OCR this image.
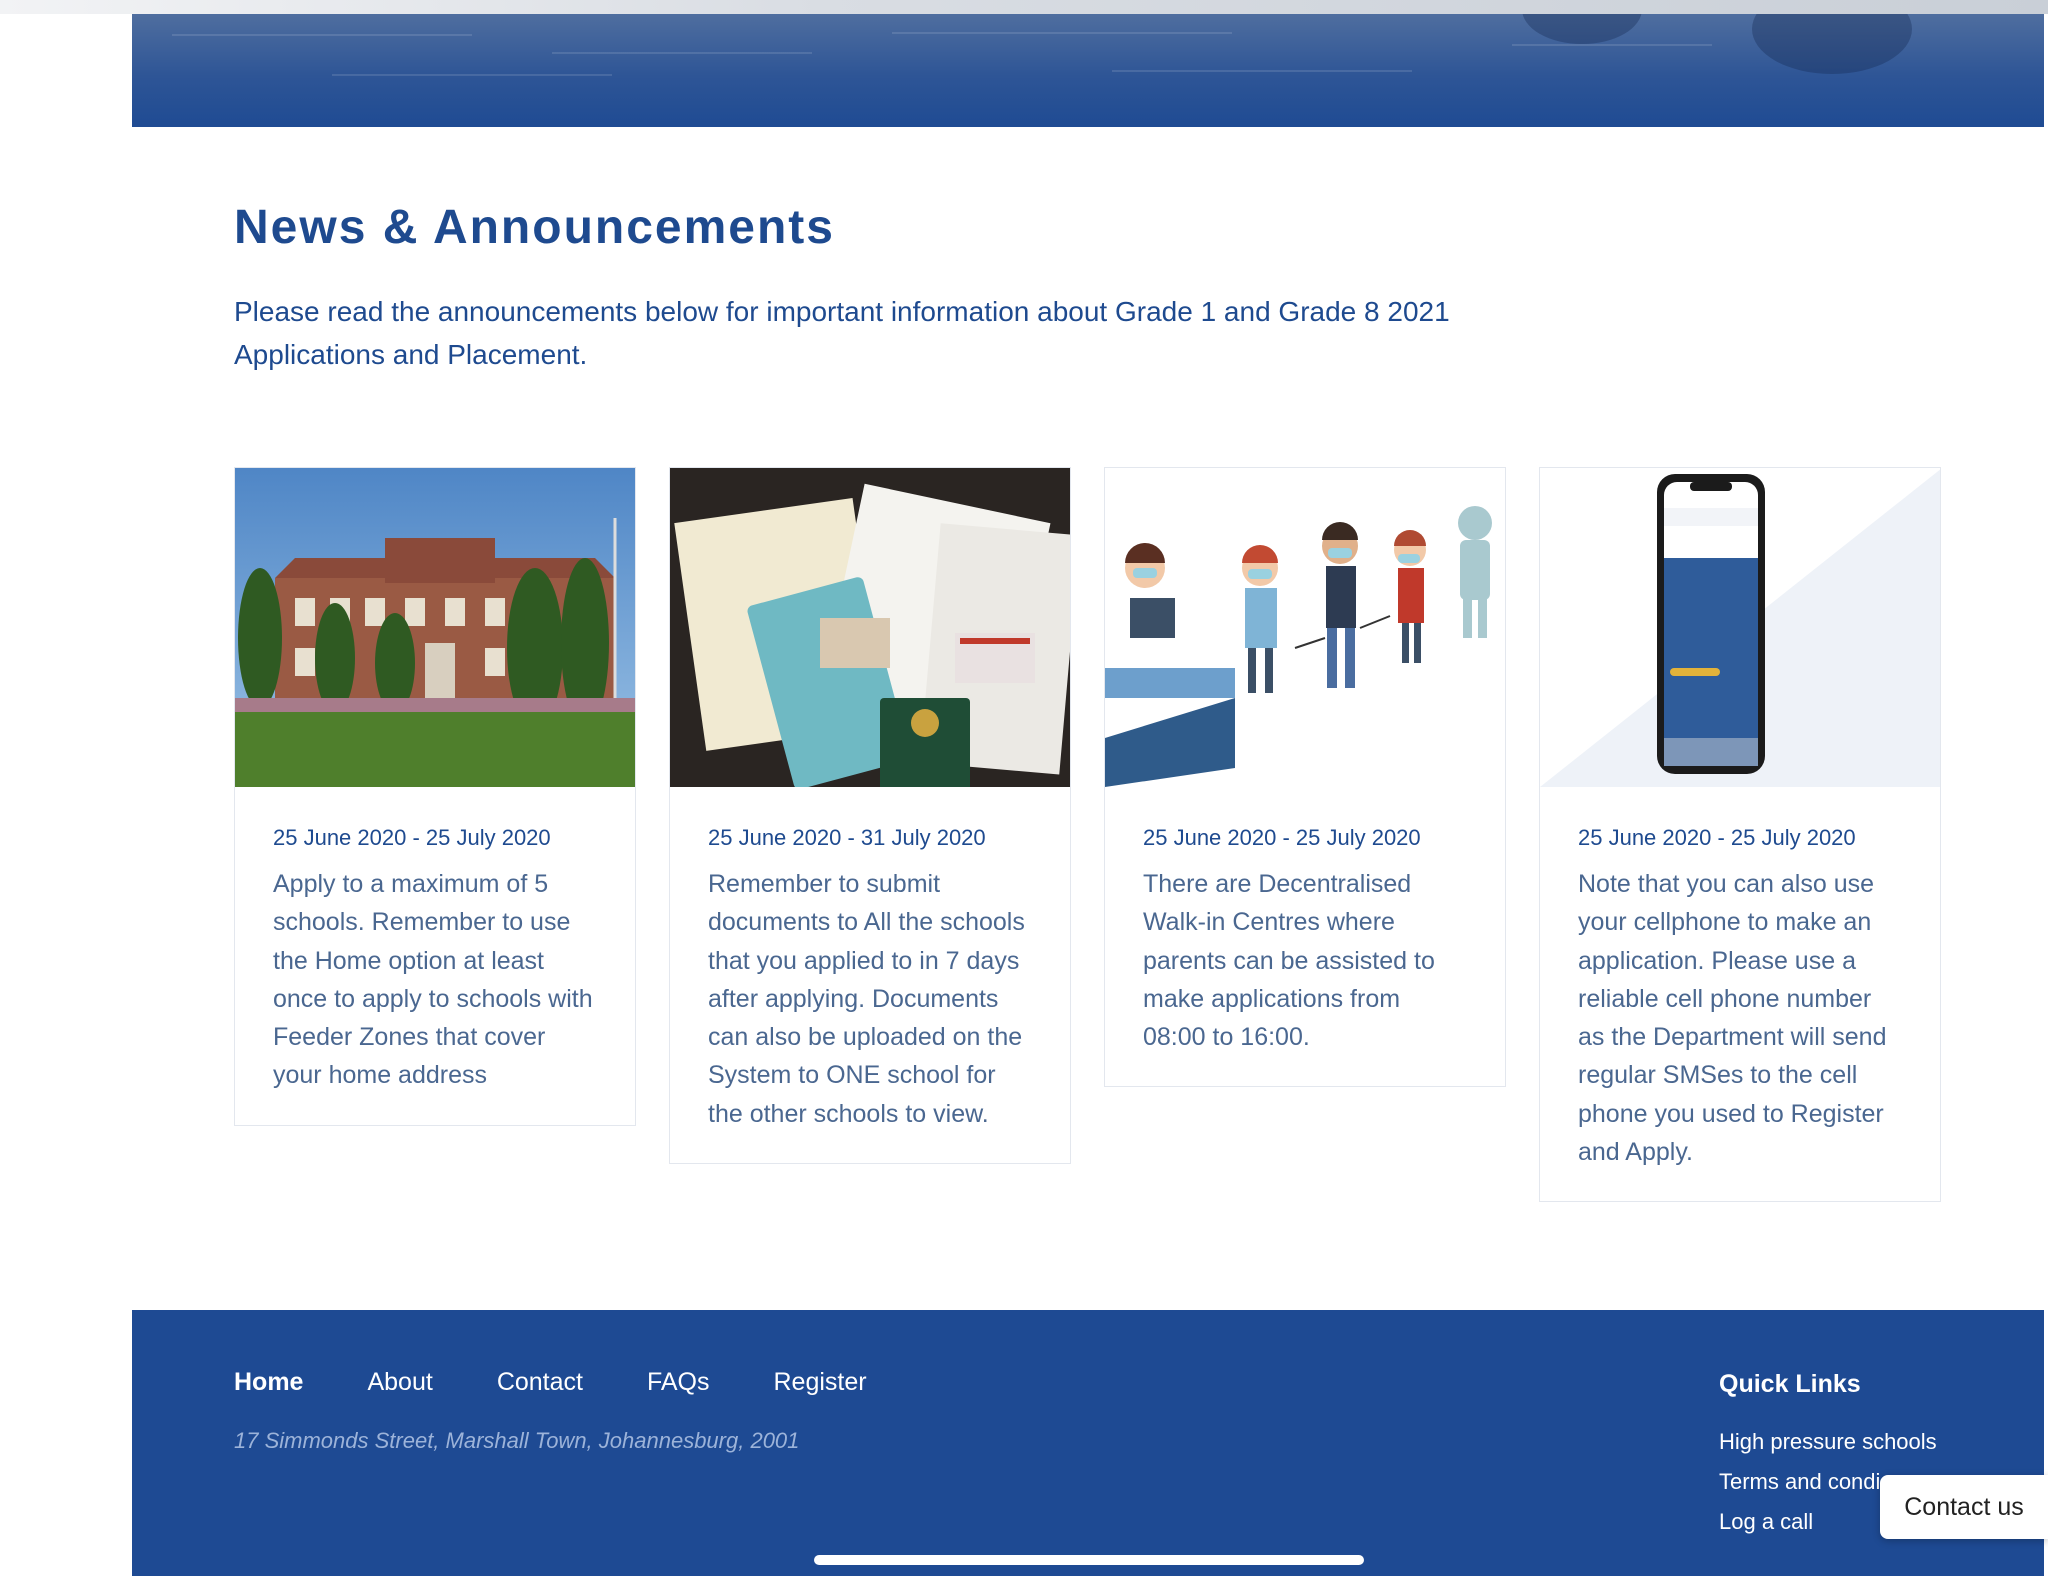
News & Announcements

Please read the announcements below for important information about Grade 1 and Grade 8 2021 Applications and Placement.

25 June 2020 - 25 July 2020
Apply to a maximum of 5 schools. Remember to use the Home option at least once to apply to schools with Feeder Zones that cover your home address
25 June 2020 - 31 July 2020
Remember to submit documents to All the schools that you applied to in 7 days after applying. Documents can also be uploaded on the System to ONE school for the other schools to view.
25 June 2020 - 25 July 2020
There are Decentralised Walk-in Centres where parents can be assisted to make applications from 08:00 to 16:00.
25 June 2020 - 25 July 2020
Note that you can also use your cellphone to make an application. Please use a reliable cell phone number as the Department will send regular SMSes to the cell phone you used to Register and Apply.
Home	About	Contact	FAQs	Register
17 Simmonds Street, Marshall Town, Johannesburg, 2001
Quick Links
High pressure schools
Terms and condi
Log a call
Contact us
